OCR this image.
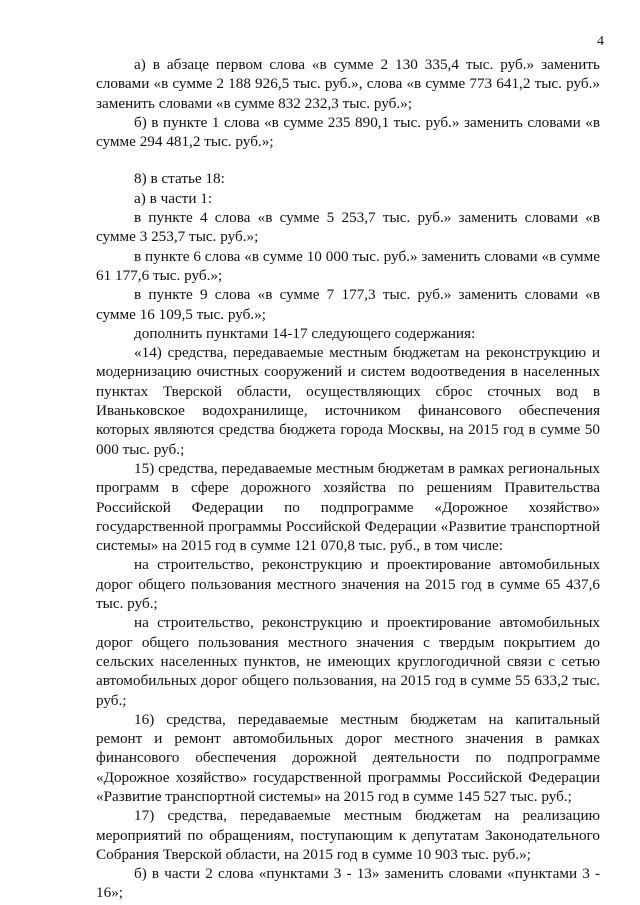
4

а) в абзаце первом слова «в сумме 2 130 335,4 тыс. руб.» заменить словами «в сумме 2 188 926,5 тыс. руб.», слова «в сумме 773 641,2 тыс. руб.» заменить словами «в сумме 832 232,3 тыс. руб.»;

б) в пункте 1 слова «в сумме 235 890,1 тыс. руб.» заменить словами «в сумме 294 481,2 тыс. руб.»;

8) в статье 18:

а) в части 1:

в пункте 4 слова «в сумме 5 253,7 тыс. руб.» заменить словами «в сумме 3 253,7 тыс. руб.»;

в пункте 6 слова «в сумме 10 000 тыс. руб.» заменить словами «в сумме 61 177,6 тыс. руб.»;

в пункте 9 слова «в сумме 7 177,3 тыс. руб.» заменить словами «в сумме 16 109,5 тыс. руб.»;

дополнить пунктами 14-17 следующего содержания:

«14) средства, передаваемые местным бюджетам на реконструкцию и модернизацию очистных сооружений и систем водоотведения в населенных пунктах Тверской области, осуществляющих сброс сточных вод в Иваньковское водохранилище, источником финансового обеспечения которых являются средства бюджета города Москвы, на 2015 год в сумме 50 000 тыс. руб.;

15) средства, передаваемые местным бюджетам в рамках региональных программ в сфере дорожного хозяйства по решениям Правительства Российской Федерации по подпрограмме «Дорожное хозяйство» государственной программы Российской Федерации «Развитие транспортной системы» на 2015 год в сумме 121 070,8 тыс. руб., в том числе:

на строительство, реконструкцию и проектирование автомобильных дорог общего пользования местного значения на 2015 год в сумме 65 437,6 тыс. руб.;

на строительство, реконструкцию и проектирование автомобильных дорог общего пользования местного значения с твердым покрытием до сельских населенных пунктов, не имеющих круглогодичной связи с сетью автомобильных дорог общего пользования, на 2015 год в сумме 55 633,2 тыс. руб.;

16) средства, передаваемые местным бюджетам на капитальный ремонт и ремонт автомобильных дорог местного значения в рамках финансового обеспечения дорожной деятельности по подпрограмме «Дорожное хозяйство» государственной программы Российской Федерации «Развитие транспортной системы» на 2015 год в сумме 145 527 тыс. руб.;

17) средства, передаваемые местным бюджетам на реализацию мероприятий по обращениям, поступающим к депутатам Законодательного Собрания Тверской области, на 2015 год в сумме 10 903 тыс. руб.»;

б) в части 2 слова «пунктами 3 - 13» заменить словами «пунктами 3 - 16»;
